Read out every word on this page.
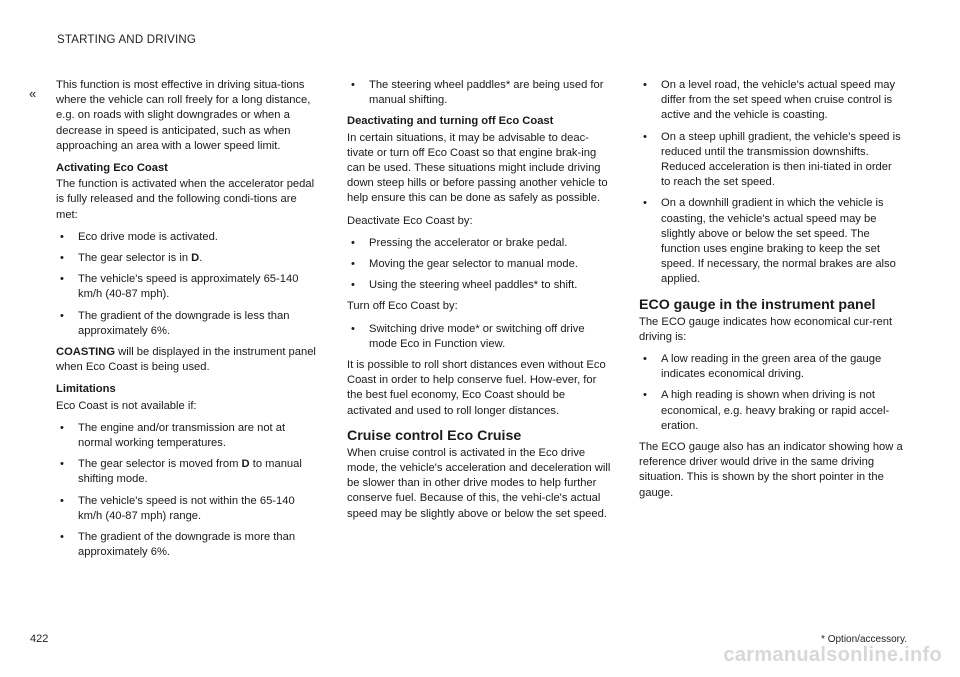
STARTING AND DRIVING
«

This function is most effective in driving situa-tions where the vehicle can roll freely for a long distance, e.g. on roads with slight downgrades or when a decrease in speed is anticipated, such as when approaching an area with a lower speed limit.

Activating Eco Coast

The function is activated when the accelerator pedal is fully released and the following condi-tions are met:

• Eco drive mode is activated.
• The gear selector is in D.
• The vehicle's speed is approximately 65-140 km/h (40-87 mph).
• The gradient of the downgrade is less than approximately 6%.

COASTING will be displayed in the instrument panel when Eco Coast is being used.

Limitations

Eco Coast is not available if:

• The engine and/or transmission are not at normal working temperatures.
• The gear selector is moved from D to manual shifting mode.
• The vehicle's speed is not within the 65-140 km/h (40-87 mph) range.
• The gradient of the downgrade is more than approximately 6%.
• The steering wheel paddles* are being used for manual shifting.
Deactivating and turning off Eco Coast

In certain situations, it may be advisable to deac-tivate or turn off Eco Coast so that engine brak-ing can be used. These situations might include driving down steep hills or before passing another vehicle to help ensure this can be done as safely as possible.

Deactivate Eco Coast by:

• Pressing the accelerator or brake pedal.
• Moving the gear selector to manual mode.
• Using the steering wheel paddles* to shift.

Turn off Eco Coast by:

• Switching drive mode* or switching off drive mode Eco in Function view.

It is possible to roll short distances even without Eco Coast in order to help conserve fuel. How-ever, for the best fuel economy, Eco Coast should be activated and used to roll longer distances.

Cruise control Eco Cruise

When cruise control is activated in the Eco drive mode, the vehicle's acceleration and deceleration will be slower than in other drive modes to help further conserve fuel. Because of this, the vehi-cle's actual speed may be slightly above or below the set speed.

• On a level road, the vehicle's actual speed may differ from the set speed when cruise control is active and the vehicle is coasting.
• On a steep uphill gradient, the vehicle's speed is reduced until the transmission downshifts. Reduced acceleration is then ini-tiated in order to reach the set speed.
• On a downhill gradient in which the vehicle is coasting, the vehicle's actual speed may be slightly above or below the set speed. The function uses engine braking to keep the set speed. If necessary, the normal brakes are also applied.
ECO gauge in the instrument panel

The ECO gauge indicates how economical cur-rent driving is:

• A low reading in the green area of the gauge indicates economical driving.
• A high reading is shown when driving is not economical, e.g. heavy braking or rapid accel-eration.

The ECO gauge also has an indicator showing how a reference driver would drive in the same driving situation. This is shown by the short pointer in the gauge.

422	* Option/accessory.
carmanualsonline.info
